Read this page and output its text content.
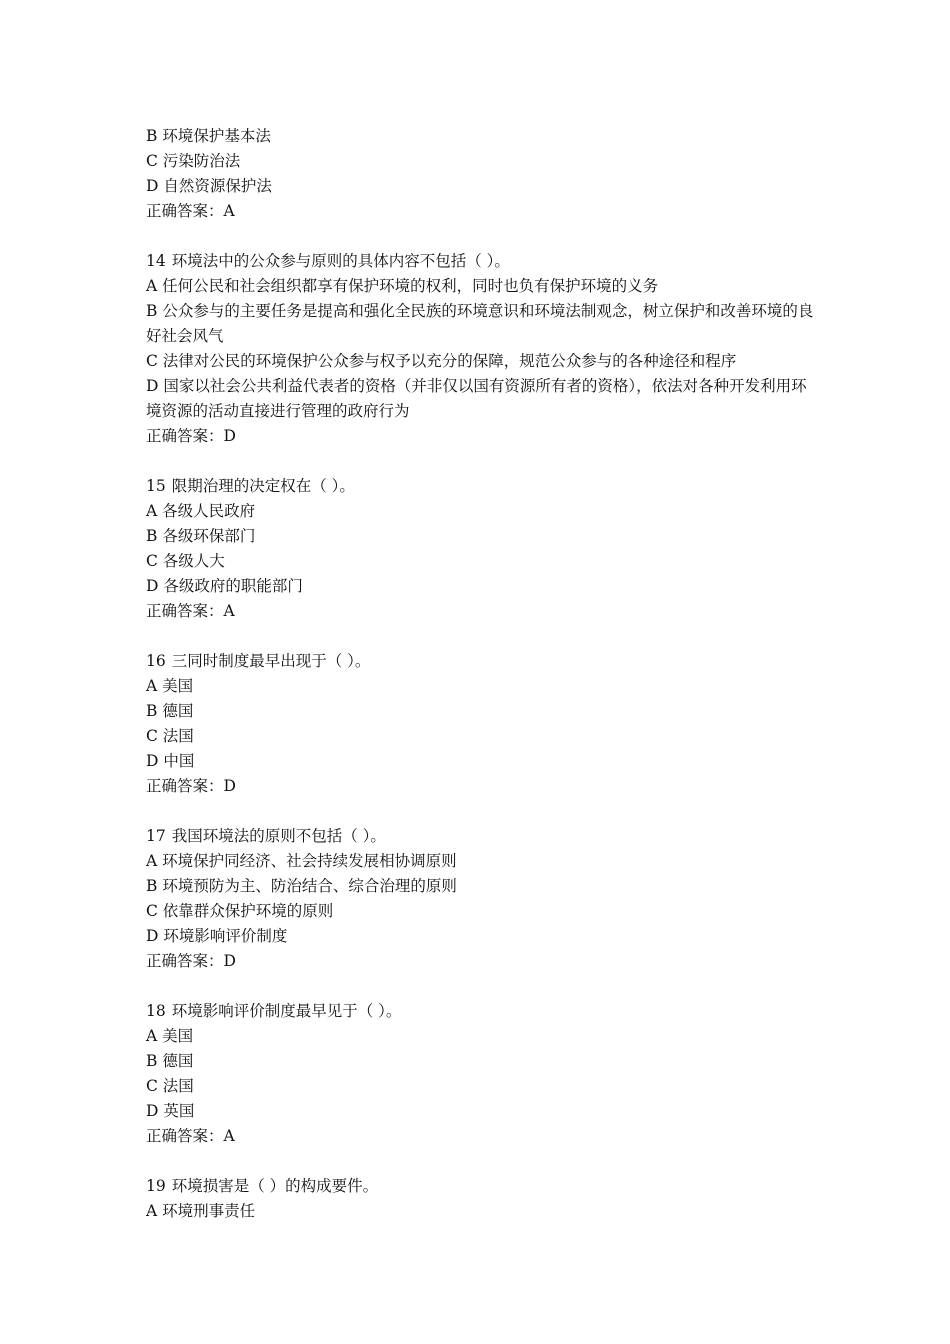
B 环境保护基本法
C 污染防治法
D 自然资源保护法
正确答案：A
14 环境法中的公众参与原则的具体内容不包括（ ）。
A 任何公民和社会组织都享有保护环境的权利，同时也负有保护环境的义务
B 公众参与的主要任务是提高和强化全民族的环境意识和环境法制观念，树立保护和改善环境的良好社会风气
C 法律对公民的环境保护公众参与权予以充分的保障，规范公众参与的各种途径和程序
D 国家以社会公共利益代表者的资格（并非仅以国有资源所有者的资格），依法对各种开发利用环境资源的活动直接进行管理的政府行为
正确答案：D
15 限期治理的决定权在（ ）。
A 各级人民政府
B 各级环保部门
C 各级人大
D 各级政府的职能部门
正确答案：A
16 三同时制度最早出现于（ ）。
A 美国
B 德国
C 法国
D 中国
正确答案：D
17 我国环境法的原则不包括（ ）。
A 环境保护同经济、社会持续发展相协调原则
B 环境预防为主、防治结合、综合治理的原则
C 依靠群众保护环境的原则
D 环境影响评价制度
正确答案：D
18 环境影响评价制度最早见于（ ）。
A 美国
B 德国
C 法国
D 英国
正确答案：A
19 环境损害是（ ）的构成要件。
A 环境刑事责任
